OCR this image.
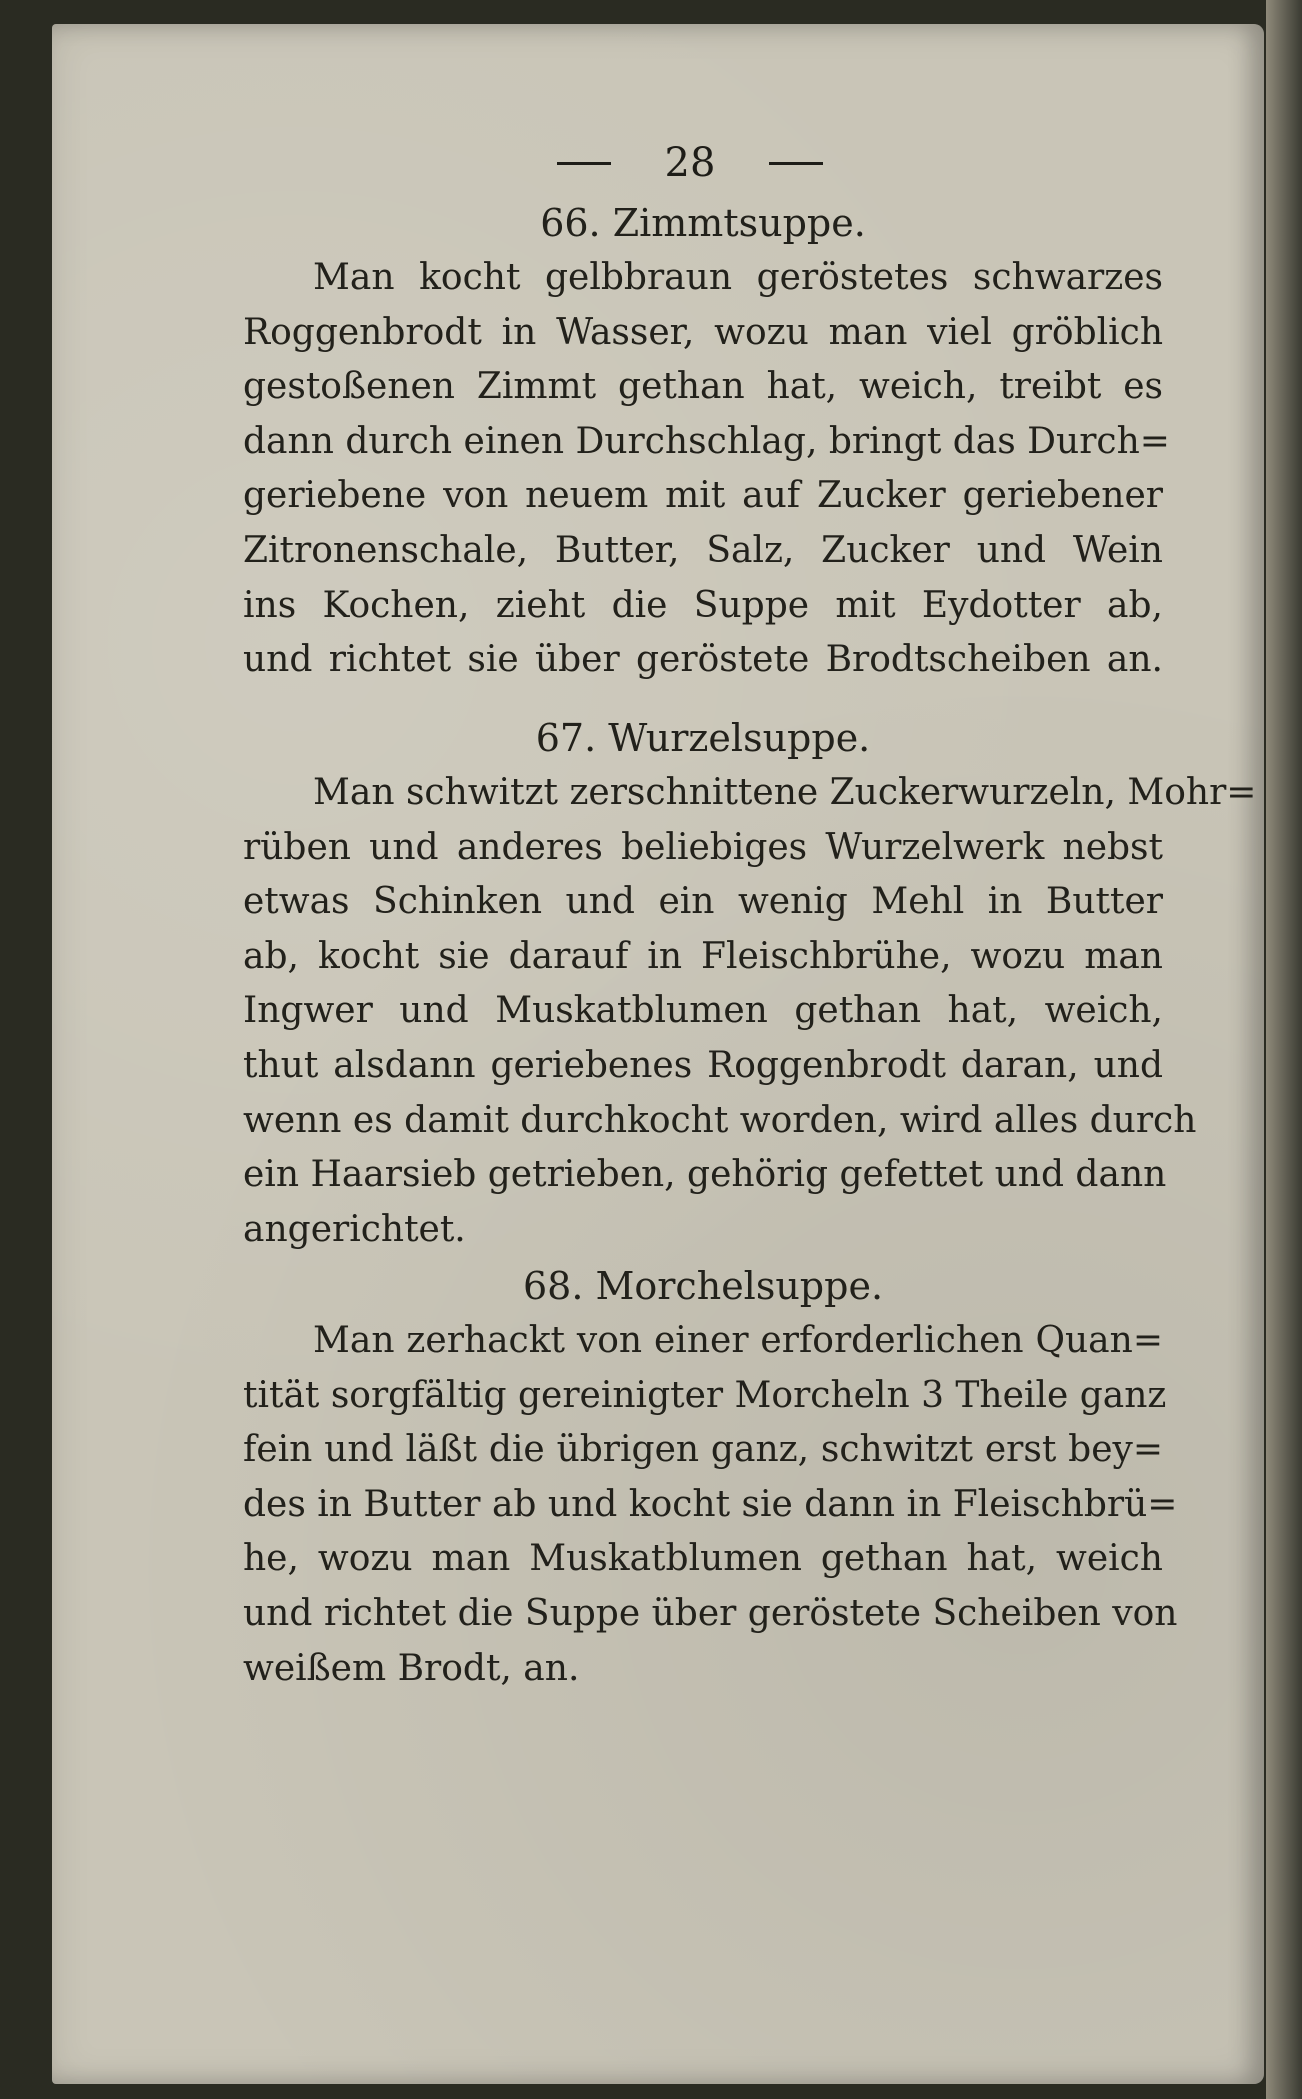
28
66. Zimmtsuppe.
Man kocht gelbbraun geröstetes schwarzes
Roggenbrodt in Wasser, wozu man viel gröblich
gestoßenen Zimmt gethan hat, weich, treibt es
dann durch einen Durchschlag, bringt das Durch=
geriebene von neuem mit auf Zucker geriebener
Zitronenschale, Butter, Salz, Zucker und Wein
ins Kochen, zieht die Suppe mit Eydotter ab,
und richtet sie über geröstete Brodtscheiben an.
67. Wurzelsuppe.
Man schwitzt zerschnittene Zuckerwurzeln, Mohr=
rüben und anderes beliebiges Wurzelwerk nebst
etwas Schinken und ein wenig Mehl in Butter
ab, kocht sie darauf in Fleischbrühe, wozu man
Ingwer und Muskatblumen gethan hat, weich,
thut alsdann geriebenes Roggenbrodt daran, und
wenn es damit durchkocht worden, wird alles durch
ein Haarsieb getrieben, gehörig gefettet und dann
angerichtet.
68. Morchelsuppe.
Man zerhackt von einer erforderlichen Quan=
tität sorgfältig gereinigter Morcheln 3 Theile ganz
fein und läßt die übrigen ganz, schwitzt erst bey=
des in Butter ab und kocht sie dann in Fleischbrü=
he, wozu man Muskatblumen gethan hat, weich
und richtet die Suppe über geröstete Scheiben von
weißem Brodt, an.
